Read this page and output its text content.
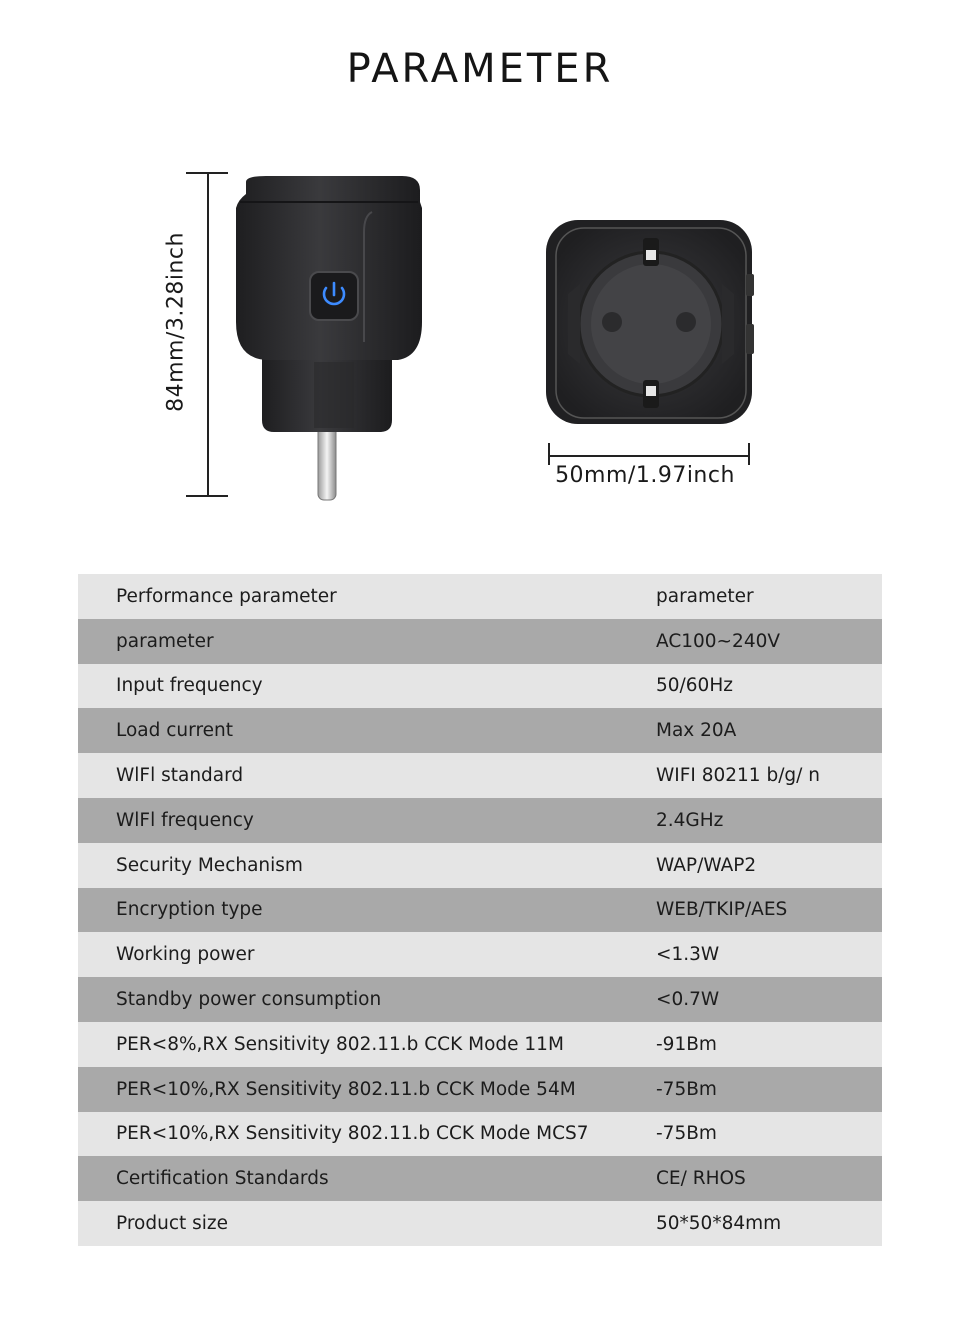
PARAMETER
84mm/3.28inch
50mm/1.97inch
Performance parameter	parameter
parameter	AC100~240V
Input frequency	50/60Hz
Load current	Max 20A
WlFl standard	WIFI 80211 b/g/ n
WlFl frequency	2.4GHz
Security Mechanism	WAP/WAP2
Encryption type	WEB/TKIP/AES
Working power	<1.3W
Standby power consumption	<0.7W
PER<8%,RX Sensitivity 802.11.b CCK Mode 11M	-91Bm
PER<10%,RX Sensitivity 802.11.b CCK Mode 54M	-75Bm
PER<10%,RX Sensitivity 802.11.b CCK Mode MCS7	-75Bm
Certification Standards	CE/ RHOS
Product size	50*50*84mm
